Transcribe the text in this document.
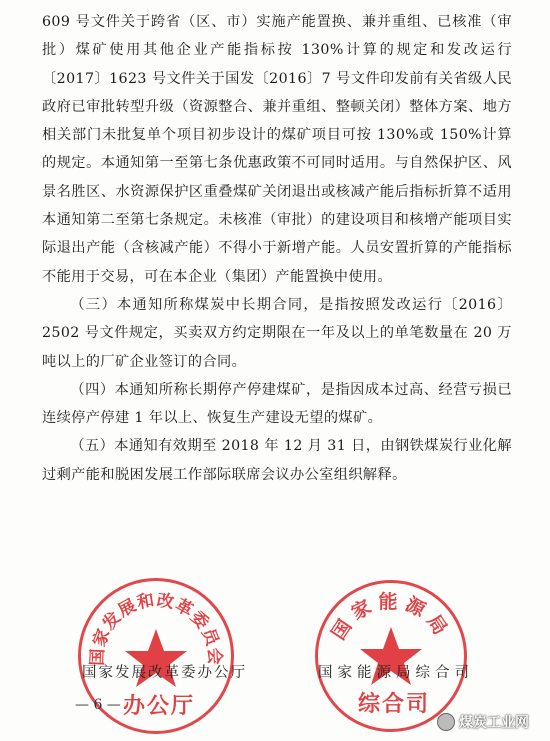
609 号文件关于跨省（区、市）实施产能置换、兼并重组、已核准（审批）煤矿使用其他企业产能指标按 130%计算的规定和发改运行〔2017〕1623 号文件关于国发〔2016〕7 号文件印发前有关省级人民政府已审批转型升级（资源整合、兼并重组、整顿关闭）整体方案、地方相关部门未批复单个项目初步设计的煤矿项目可按 130%或 150%计算的规定。本通知第一至第七条优惠政策不可同时适用。与自然保护区、风景名胜区、水资源保护区重叠煤矿关闭退出或核减产能后指标折算不适用本通知第二至第七条规定。未核准（审批）的建设项目和核增产能项目实际退出产能（含核减产能）不得小于新增产能。人员安置折算的产能指标不能用于交易，可在本企业（集团）产能置换中使用。

（三）本通知所称煤炭中长期合同，是指按照发改运行〔2016〕2502 号文件规定，买卖双方约定期限在一年及以上的单笔数量在 20 万吨以上的厂矿企业签订的合同。

（四）本通知所称长期停产停建煤矿，是指因成本过高、经营亏损已连续停产停建 1 年以上、恢复生产建设无望的煤矿。

（五）本通知有效期至 2018 年 12 月 31 日，由钢铁煤炭行业化解过剩产能和脱困发展工作部际联席会议办公室组织解释。

国家发展和改革委员会
办公厅
国家能源局
综合司
国家发展改革委办公厅	国家能源局综合司
— 6 —
煤炭工业网
